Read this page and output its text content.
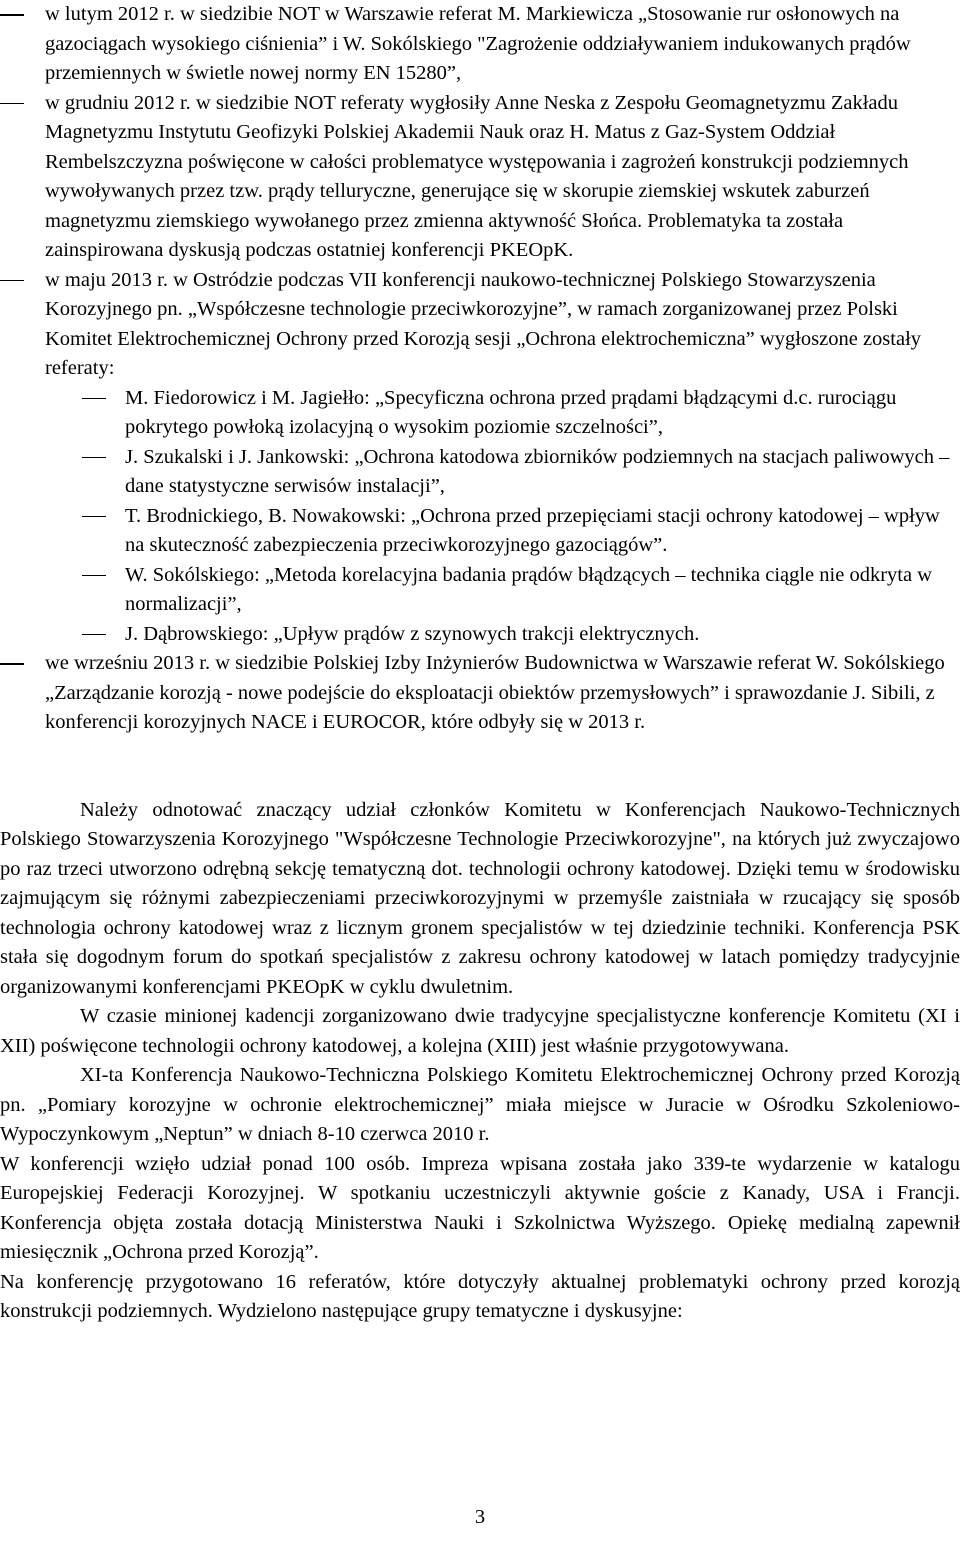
w lutym 2012 r. w siedzibie NOT w Warszawie referat M. Markiewicza „Stosowanie rur osłonowych na gazociągach wysokiego ciśnienia” i W. Sokólskiego "Zagrożenie oddziaływaniem indukowanych prądów przemiennych w świetle nowej normy EN 15280”,
w grudniu 2012 r. w siedzibie NOT referaty wygłosiły Anne Neska z Zespołu Geomagnetyzmu Zakładu Magnetyzmu Instytutu Geofizyki Polskiej Akademii Nauk oraz H. Matus z Gaz-System Oddział Rembelszczyzna poświęcone w całości problematyce występowania i zagrożeń konstrukcji podziemnych wywoływanych przez tzw. prądy telluryczne, generujące się w skorupie ziemskiej wskutek zaburzeń magnetyzmu ziemskiego wywołanego przez zmienna aktywność Słońca. Problematyka ta została zainspirowana dyskusją podczas ostatniej konferencji PKEOpK.
w maju 2013 r. w Ostródzie podczas VII konferencji naukowo-technicznej Polskiego Stowarzyszenia Korozyjnego pn. „Współczesne technologie przeciwkorozyjne”, w ramach zorganizowanej przez Polski Komitet Elektrochemicznej Ochrony przed Korozją sesji „Ochrona elektrochemiczna” wygłoszone zostały referaty:
M. Fiedorowicz i M. Jagiełło: „Specyficzna ochrona przed prądami błądzącymi d.c. rurociągu pokrytego powłoką izolacyjną o wysokim poziomie szczelności”,
J. Szukalski i J. Jankowski: „Ochrona katodowa zbiorników podziemnych na stacjach paliwowych – dane statystyczne serwisów instalacji”,
T. Brodnickiego, B. Nowakowski: „Ochrona przed przepięciami stacji ochrony katodowej – wpływ na skuteczność zabezpieczenia przeciwkorozyjnego gazociągów”.
W. Sokólskiego: „Metoda korelacyjna badania prądów błądzących – technika ciągle nie odkryta w normalizacji”,
J. Dąbrowskiego: „Upływ prądów z szynowych trakcji elektrycznych.
we wrześniu 2013 r. w siedzibie Polskiej Izby Inżynierów Budownictwa w Warszawie referat W. Sokólskiego „Zarządzanie korozją - nowe podejście do eksploatacji obiektów przemysłowych” i sprawozdanie J. Sibili, z konferencji korozyjnych NACE i EUROCOR, które odbyły się w 2013 r.

Należy odnotować znaczący udział członków Komitetu w Konferencjach Naukowo-Technicznych Polskiego Stowarzyszenia Korozyjnego "Współczesne Technologie Przeciwkorozyjne", na których już zwyczajowo po raz trzeci utworzono odrębną sekcję tematyczną dot. technologii ochrony katodowej. Dzięki temu w środowisku zajmującym się różnymi zabezpieczeniami przeciwkorozyjnymi w przemyśle zaistniała w rzucający się sposób technologia ochrony katodowej wraz z licznym gronem specjalistów w tej dziedzinie techniki. Konferencja PSK stała się dogodnym forum do spotkań specjalistów z zakresu ochrony katodowej w latach pomiędzy tradycyjnie organizowanymi konferencjami PKEOpK w cyklu dwuletnim.

W czasie minionej kadencji zorganizowano dwie tradycyjne specjalistyczne konferencje Komitetu (XI i XII) poświęcone technologii ochrony katodowej, a kolejna (XIII) jest właśnie przygotowywana.

XI-ta Konferencja Naukowo-Techniczna Polskiego Komitetu Elektrochemicznej Ochrony przed Korozją pn. „Pomiary korozyjne w ochronie elektrochemicznej” miała miejsce w Juracie w Ośrodku Szkoleniowo-Wypoczynkowym „Neptun” w dniach 8-10 czerwca 2010 r.

W konferencji wzięło udział ponad 100 osób. Impreza wpisana została jako 339-te wydarzenie w katalogu Europejskiej Federacji Korozyjnej. W spotkaniu uczestniczyli aktywnie goście z Kanady, USA i Francji. Konferencja objęta została dotacją Ministerstwa Nauki i Szkolnictwa Wyższego. Opiekę medialną zapewnił miesięcznik „Ochrona przed Korozją”.

Na konferencję przygotowano 16 referatów, które dotyczyły aktualnej problematyki ochrony przed korozją konstrukcji podziemnych. Wydzielono następujące grupy tematyczne i dyskusyjne:

3
